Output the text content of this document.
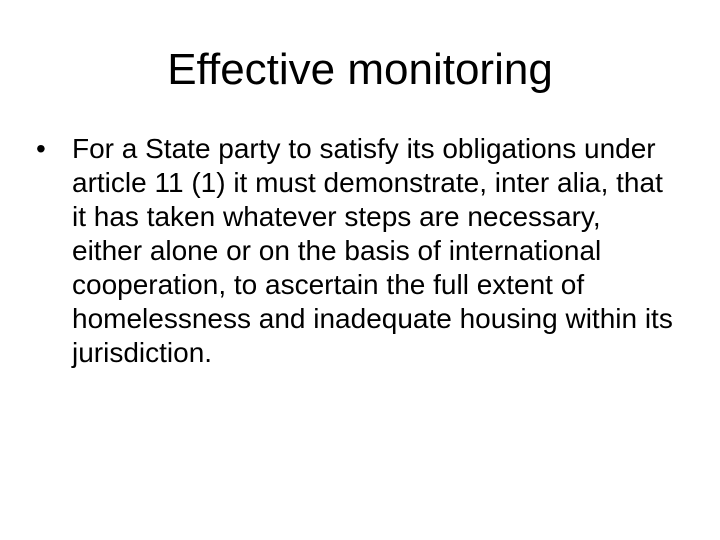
Effective monitoring
• For a State party to satisfy its obligations under article 11 (1) it must demonstrate, inter alia, that it has taken whatever steps are necessary, either alone or on the basis of international cooperation, to ascertain the full extent of homelessness and inadequate housing within its jurisdiction.
